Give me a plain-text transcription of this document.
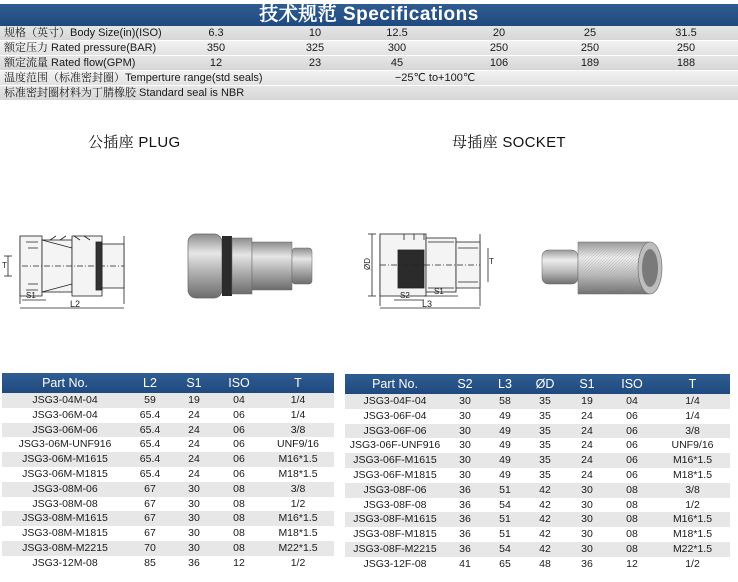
技术规范 Specifications
规格（英寸）Body Size(in)(ISO)	6.3	10	12.5	20	25	31.5
额定压力 Rated pressure(BAR)	350	325	300	250	250	250
额定流量 Rated flow(GPM)	12	23	45	106	189	188
温度范围（标准密封圈）Temperture range(std seals)	−25℃ to+100℃
标准密封圈材料为丁腈橡胶 Standard seal is NBR
公插座 PLUG	母插座 SOCKET
T
S1
L2
ØD	T
S2	S1
L3
Part No.	L2	S1	ISO	T
JSG3-04M-04	59	19	04	1/4
JSG3-06M-04	65.4	24	06	1/4
JSG3-06M-06	65.4	24	06	3/8
JSG3-06M-UNF916	65.4	24	06	UNF9/16
JSG3-06M-M1615	65.4	24	06	M16*1.5
JSG3-06M-M1815	65.4	24	06	M18*1.5
JSG3-08M-06	67	30	08	3/8
JSG3-08M-08	67	30	08	1/2
JSG3-08M-M1615	67	30	08	M16*1.5
JSG3-08M-M1815	67	30	08	M18*1.5
JSG3-08M-M2215	70	30	08	M22*1.5
JSG3-12M-08	85	36	12	1/2
Part No.	S2	L3	ØD	S1	ISO	T
JSG3-04F-04	30	58	35	19	04	1/4
JSG3-06F-04	30	49	35	24	06	1/4
JSG3-06F-06	30	49	35	24	06	3/8
JSG3-06F-UNF916	30	49	35	24	06	UNF9/16
JSG3-06F-M1615	30	49	35	24	06	M16*1.5
JSG3-06F-M1815	30	49	35	24	06	M18*1.5
JSG3-08F-06	36	51	42	30	08	3/8
JSG3-08F-08	36	54	42	30	08	1/2
JSG3-08F-M1615	36	51	42	30	08	M16*1.5
JSG3-08F-M1815	36	51	42	30	08	M18*1.5
JSG3-08F-M2215	36	54	42	30	08	M22*1.5
JSG3-12F-08	41	65	48	36	12	1/2
